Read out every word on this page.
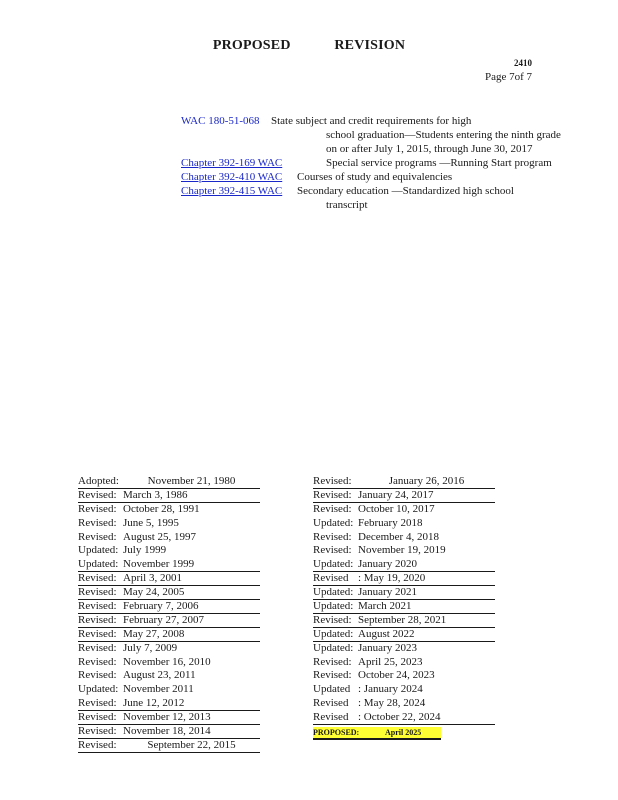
PROPOSED	REVISION
2410
Page 7of 7
WAC 180-51-068	State subject and credit requirements for high
school graduation—Students entering the ninth grade on or after July 1, 2015, through June 30, 2017
Chapter 392-169 WAC	Special service programs —Running Start program
Chapter 392-410 WAC	Courses of study and equivalencies
Chapter 392-415 WAC	Secondary education —Standardized high school
transcript
Adopted:	November 21, 1980
Revised: March 3, 1986
Revised: October 28, 1991
Revised: June 5, 1995
Revised: August 25, 1997
Updated: July 1999
Updated: November 1999
Revised: April 3, 2001
Revised: May 24, 2005
Revised: February 7, 2006
Revised: February 27, 2007
Revised: May 27, 2008
Revised: July 7, 2009
Revised: November 16, 2010
Revised: August 23, 2011
Updated: November 2011
Revised: June 12, 2012
Revised: November 12, 2013
Revised: November 18, 2014
Revised:	September 22, 2015
Revised:	January 26, 2016
Revised: January 24, 2017
Revised: October 10, 2017
Updated: February 2018
Revised: December 4, 2018
Revised: November 19, 2019
Updated: January 2020
Revised : May 19, 2020
Updated: January 2021
Updated: March 2021
Revised: September 28, 2021
Updated: August 2022
Updated: January 2023
Revised: April 25, 2023
Revised: October 24, 2023
Updated : January 2024
Revised : May 28, 2024
Revised : October 22, 2024
PROPOSED:	April 2025
